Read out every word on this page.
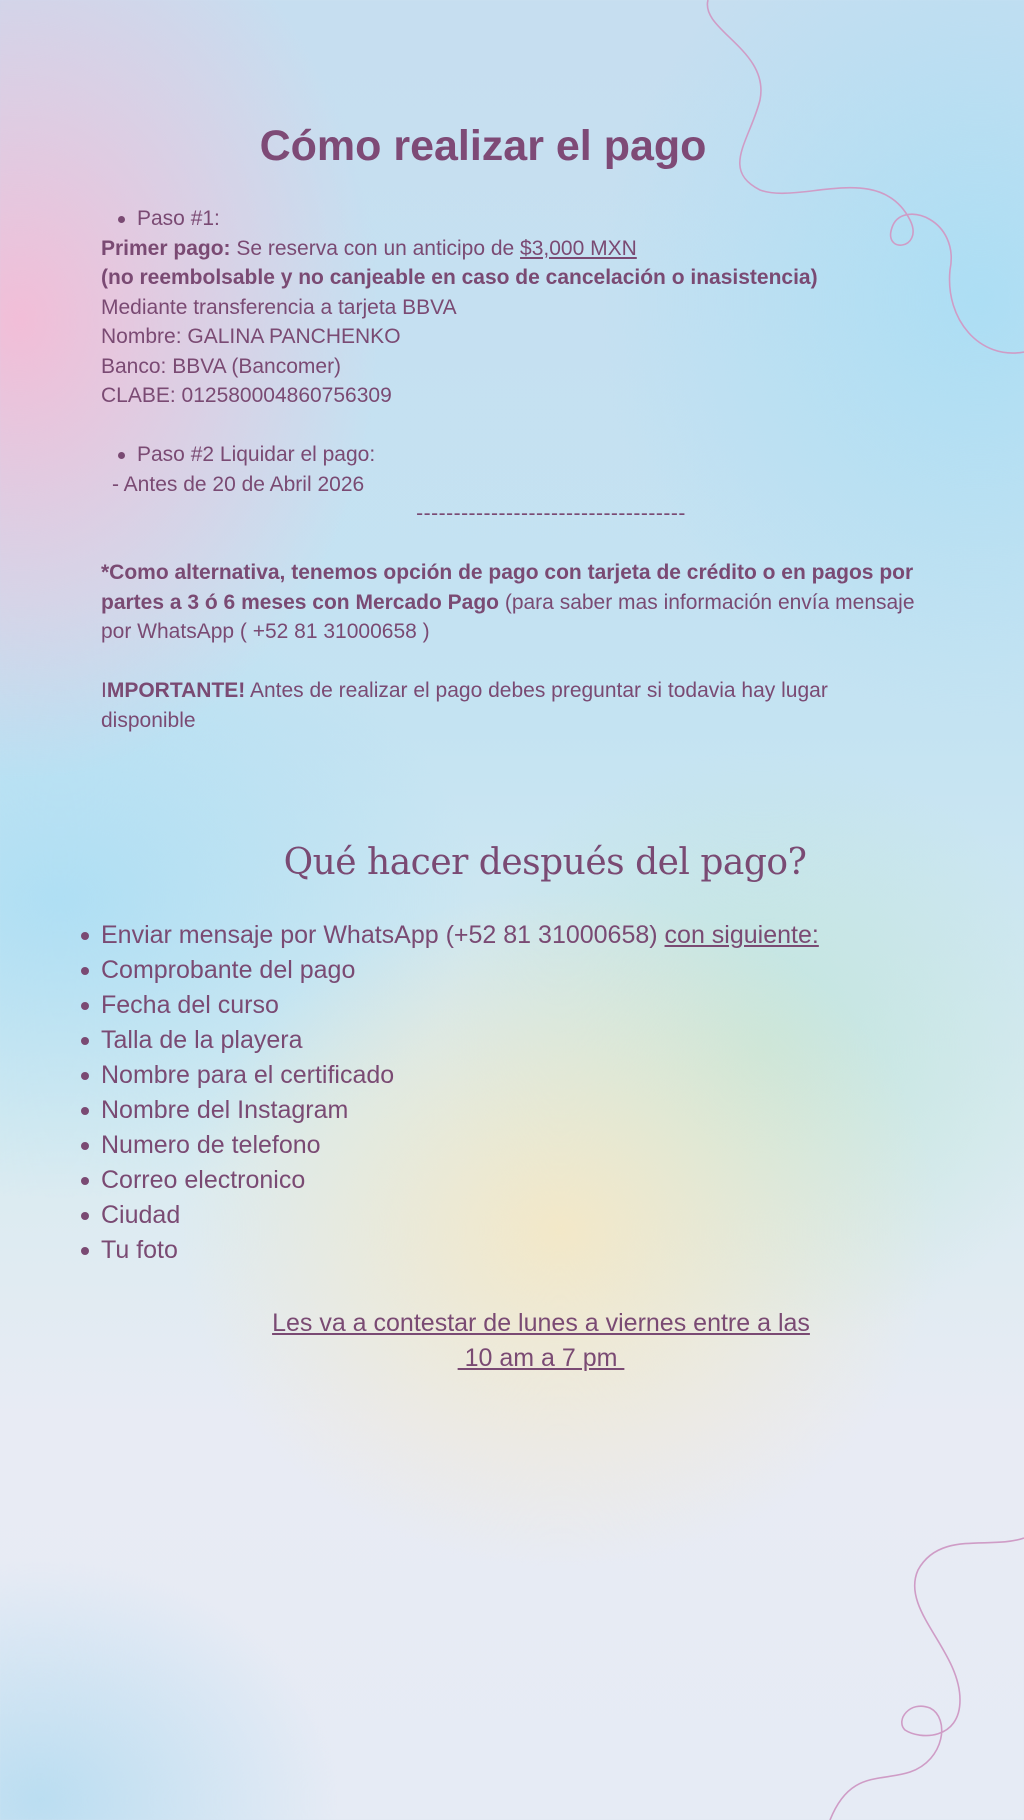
Cómo realizar el pago

Paso #1:

Primer pago: Se reserva con un anticipo de $3,000 MXN

(no reembolsable y no canjeable en caso de cancelación o inasistencia)

Mediante transferencia a tarjeta BBVA

Nombre: GALINA PANCHENKO

Banco: BBVA (Bancomer)

CLABE: 012580004860756309

Paso #2 Liquidar el pago:

- Antes de 20 de Abril 2026

------------------------------------

*Como alternativa, tenemos opción de pago con tarjeta de crédito o en pagos por partes a 3 ó 6 meses con Mercado Pago (para saber mas información envía mensaje por WhatsApp ( +52 81 31000658 )

IMPORTANTE! Antes de realizar el pago debes preguntar si todavia hay lugar disponible

Qué hacer después del pago?
Enviar mensaje por WhatsApp (+52 81 31000658) con siguiente:
Comprobante del pago
Fecha del curso
Talla de la playera
Nombre para el certificado
Nombre del Instagram
Numero de telefono
Correo electronico
Ciudad
Tu foto
Les va a contestar de lunes a viernes entre a las
10 am a 7 pm
